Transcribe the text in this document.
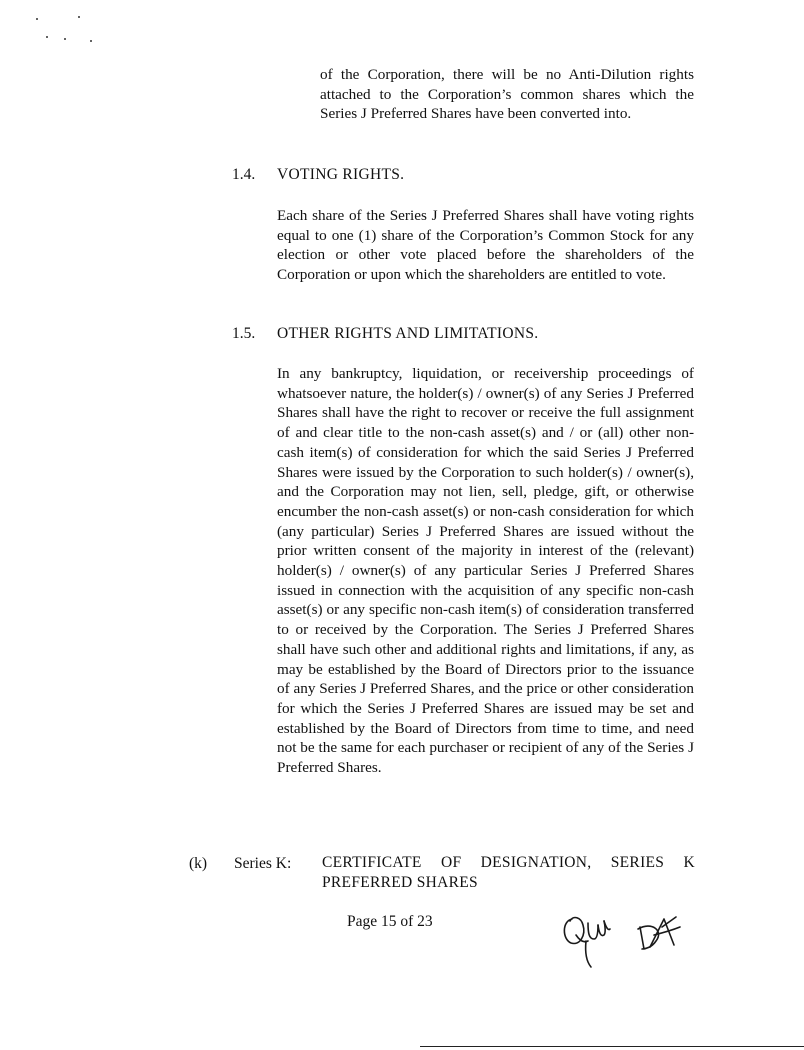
of the Corporation, there will be no Anti-Dilution rights attached to the Corporation’s common shares which the Series J Preferred Shares have been converted into.
1.4. VOTING RIGHTS.
Each share of the Series J Preferred Shares shall have voting rights equal to one (1) share of the Corporation’s Common Stock for any election or other vote placed before the shareholders of the Corporation or upon which the shareholders are entitled to vote.
1.5. OTHER RIGHTS AND LIMITATIONS.
In any bankruptcy, liquidation, or receivership proceedings of whatsoever nature, the holder(s) / owner(s) of any Series J Preferred Shares shall have the right to recover or receive the full assignment of and clear title to the non-cash asset(s) and / or (all) other non-cash item(s) of consideration for which the said Series J Preferred Shares were issued by the Corporation to such holder(s) / owner(s), and the Corporation may not lien, sell, pledge, gift, or otherwise encumber the non-cash asset(s) or non-cash consideration for which (any particular) Series J Preferred Shares are issued without the prior written consent of the majority in interest of the (relevant) holder(s) / owner(s) of any particular Series J Preferred Shares issued in connection with the acquisition of any specific non-cash asset(s) or any specific non-cash item(s) of consideration transferred to or received by the Corporation. The Series J Preferred Shares shall have such other and additional rights and limitations, if any, as may be established by the Board of Directors prior to the issuance of any Series J Preferred Shares, and the price or other consideration for which the Series J Preferred Shares are issued may be set and established by the Board of Directors from time to time, and need not be the same for each purchaser or recipient of any of the Series J Preferred Shares.
(k) Series K: CERTIFICATE OF DESIGNATION, SERIES K PREFERRED SHARES
Page 15 of 23
